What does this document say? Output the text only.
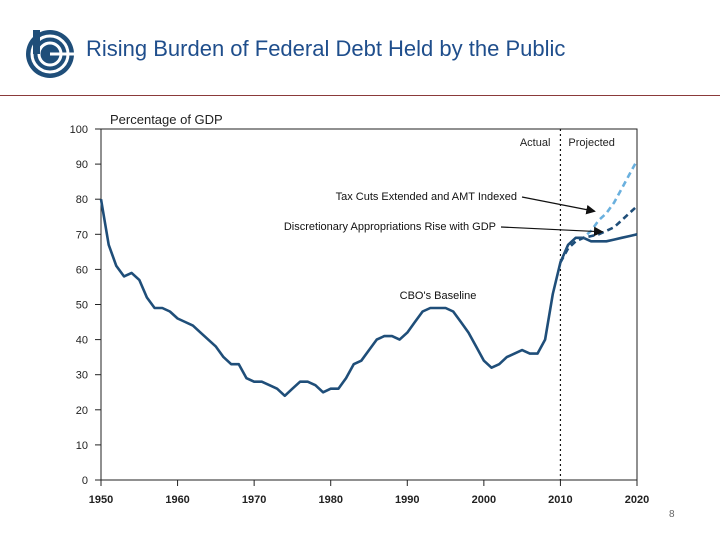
Rising Burden of Federal Debt Held by the Public
Percentage of GDP
0
10
20
30
40
50
60
70
80
90
100
1950	1960	1970	1980	1990	2000	2010	2020
Actual Projected
Tax Cuts Extended and AMT Indexed
Discretionary Appropriations Rise with GDP
CBO's Baseline
8
